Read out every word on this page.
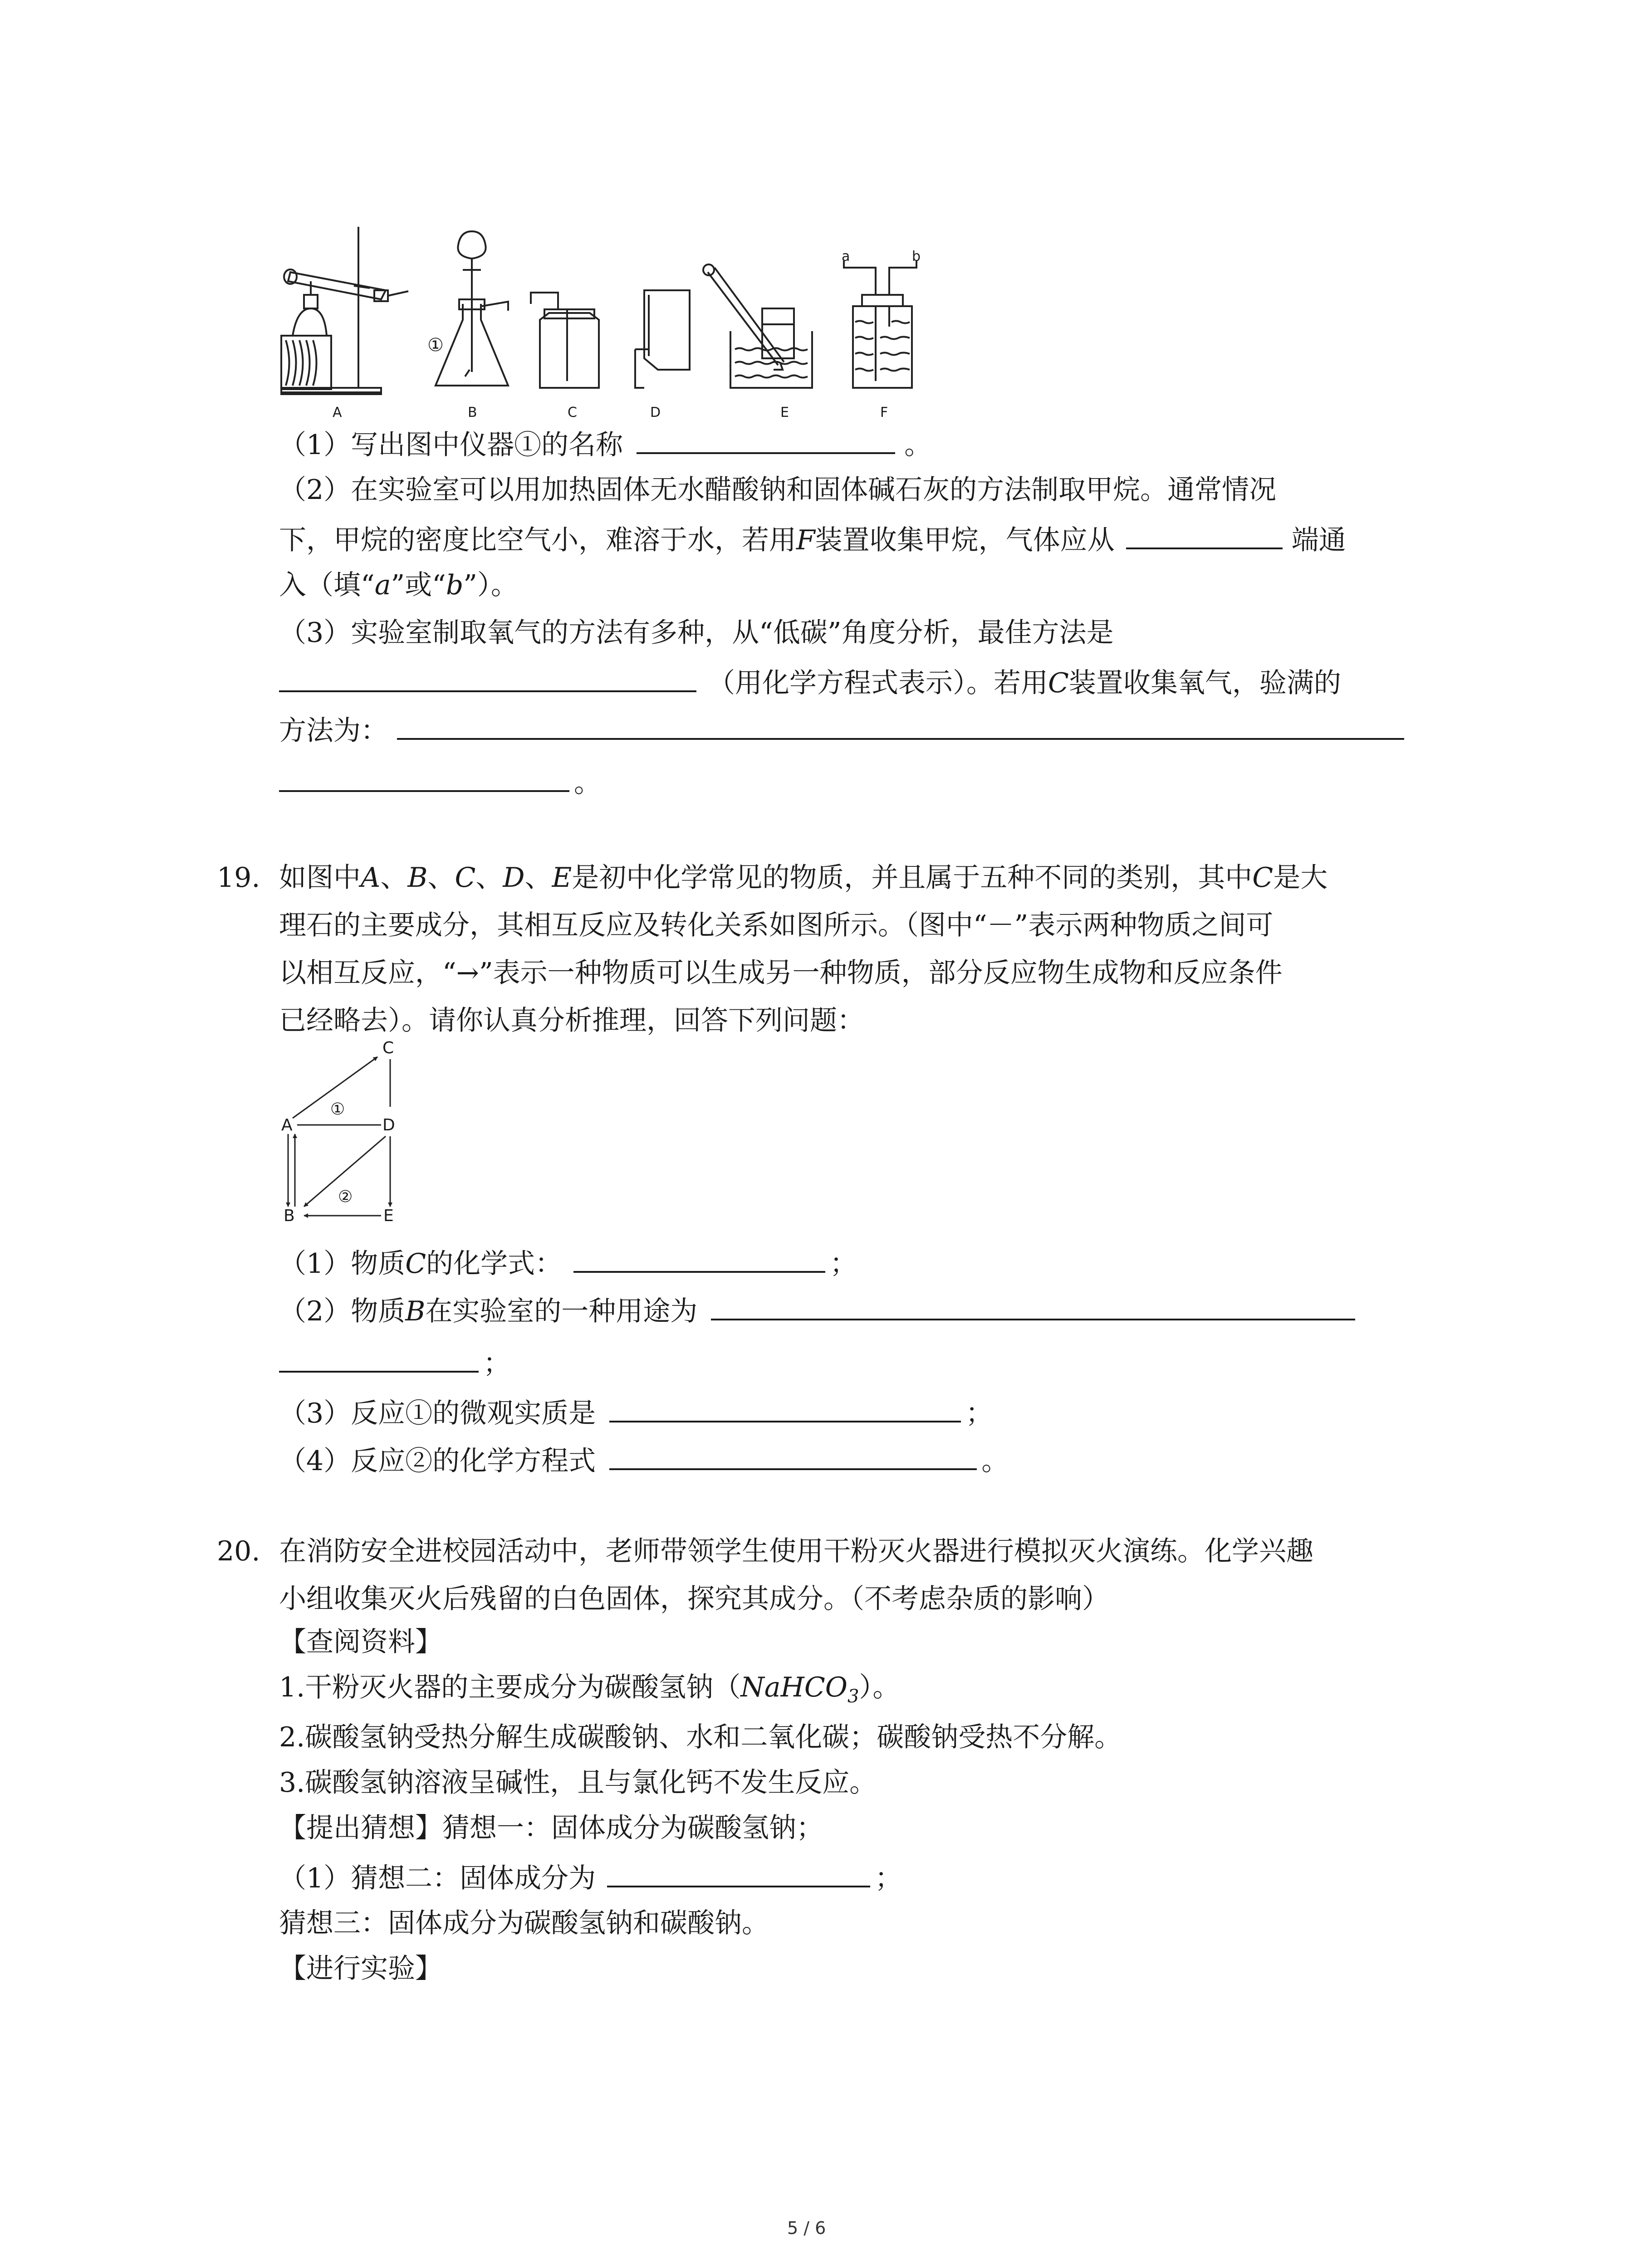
A	B	C	D	E	F
a	b
①
（1）写出图中仪器①的名称	。
（2）在实验室可以用加热固体无水醋酸钠和固体碱石灰的方法制取甲烷。通常情况
下，甲烷的密度比空气小，难溶于水，若用F装置收集甲烷，气体应从	端通
入（填“a”或“b”）。
（3）实验室制取氧气的方法有多种，从“低碳”角度分析，最佳方法是
（用化学方程式表示）。若用C装置收集氧气，验满的
方法为：
。
19. 如图中A、B、C、D、E是初中化学常见的物质，并且属于五种不同的类别，其中C是大
理石的主要成分，其相互反应及转化关系如图所示。（图中“－”表示两种物质之间可
以相互反应，“→”表示一种物质可以生成另一种物质，部分反应物生成物和反应条件
已经略去）。请你认真分析推理，回答下列问题：
C
A	D
B	E
①
②
（1）物质C的化学式：	；
（2）物质B在实验室的一种用途为
；
（3）反应①的微观实质是	；
（4）反应②的化学方程式	。
20. 在消防安全进校园活动中，老师带领学生使用干粉灭火器进行模拟灭火演练。化学兴趣
小组收集灭火后残留的白色固体，探究其成分。（不考虑杂质的影响）
【查阅资料】
1.干粉灭火器的主要成分为碳酸氢钠（NaHCO$_3$）。
2.碳酸氢钠受热分解生成碳酸钠、水和二氧化碳；碳酸钠受热不分解。
3.碳酸氢钠溶液呈碱性，且与氯化钙不发生反应。
【提出猜想】猜想一：固体成分为碳酸氢钠；
（1）猜想二：固体成分为	；
猜想三：固体成分为碳酸氢钠和碳酸钠。
【进行实验】
5 / 6
